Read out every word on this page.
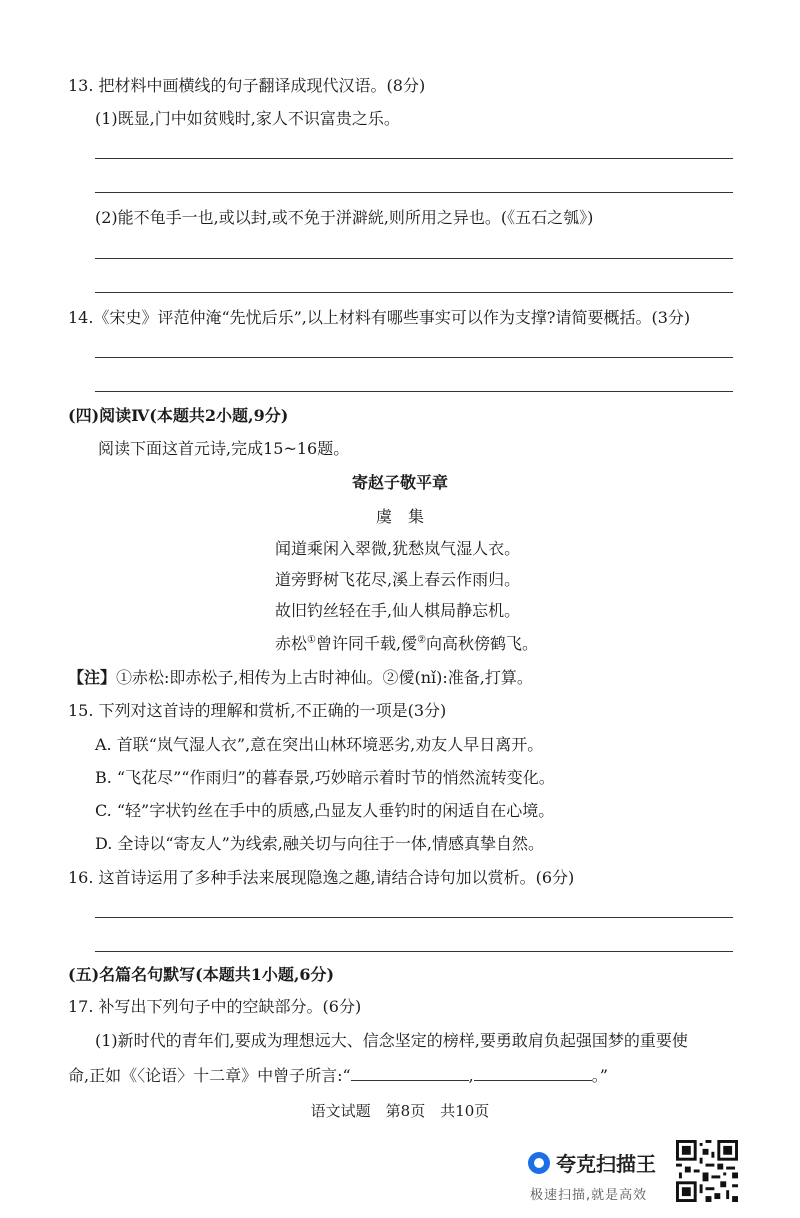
13. 把材料中画横线的句子翻译成现代汉语。(8分)
(1)既显,门中如贫贱时,家人不识富贵之乐。
(2)能不龟手一也,或以封,或不免于洴澼絖,则所用之异也。(《五石之瓠》)
14.《宋史》评范仲淹“先忧后乐”,以上材料有哪些事实可以作为支撑?请简要概括。(3分)
(四)阅读Ⅳ(本题共2小题,9分)
阅读下面这首元诗,完成15~16题。
寄赵子敬平章
虞　集
闻道乘闲入翠微,犹愁岚气湿人衣。
道旁野树飞花尽,溪上春云作雨归。
故旧钓丝轻在手,仙人棋局静忘机。
赤松①曾许同千载,僾②向高秋傍鹤飞。
【注】①赤松:即赤松子,相传为上古时神仙。②僾(nǐ):准备,打算。
15. 下列对这首诗的理解和赏析,不正确的一项是(3分)
A. 首联“岚气湿人衣”,意在突出山林环境恶劣,劝友人早日离开。
B. “飞花尽”“作雨归”的暮春景,巧妙暗示着时节的悄然流转变化。
C. “轻”字状钓丝在手中的质感,凸显友人垂钓时的闲适自在心境。
D. 全诗以“寄友人”为线索,融关切与向往于一体,情感真挚自然。
16. 这首诗运用了多种手法来展现隐逸之趣,请结合诗句加以赏析。(6分)
(五)名篇名句默写(本题共1小题,6分)
17. 补写出下列句子中的空缺部分。(6分)
(1)新时代的青年们,要成为理想远大、信念坚定的榜样,要勇敢肩负起强国梦的重要使
命,正如《〈论语〉十二章》中曾子所言:“	,	。”
语文试题　第8页　共10页
夸克扫描王
极速扫描,就是高效
